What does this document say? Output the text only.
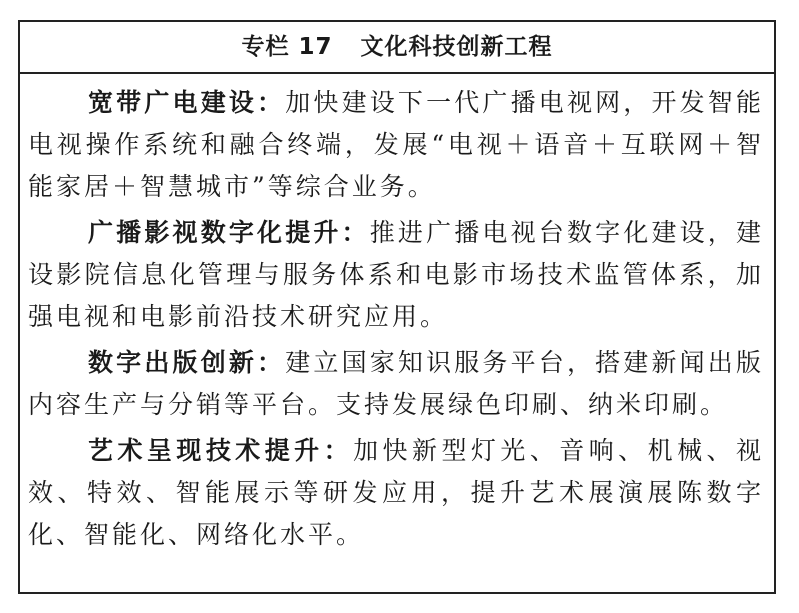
专栏 17 文化科技创新工程

宽带广电建设：加快建设下一代广播电视网，开发智能电视操作系统和融合终端，发展“电视＋语音＋互联网＋智能家居＋智慧城市”等综合业务。

广播影视数字化提升：推进广播电视台数字化建设，建设影院信息化管理与服务体系和电影市场技术监管体系，加强电视和电影前沿技术研究应用。

数字出版创新：建立国家知识服务平台，搭建新闻出版内容生产与分销等平台。支持发展绿色印刷、纳米印刷。

艺术呈现技术提升：加快新型灯光、音响、机械、视效、特效、智能展示等研发应用，提升艺术展演展陈数字化、智能化、网络化水平。
